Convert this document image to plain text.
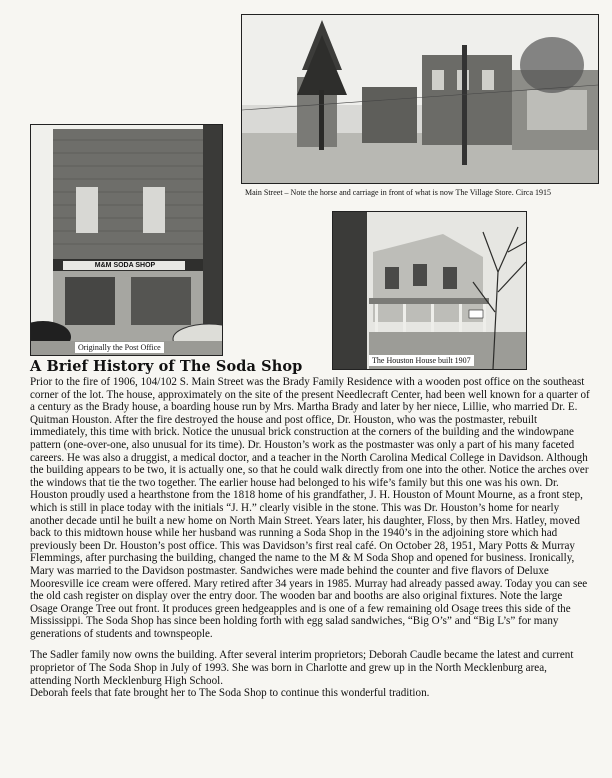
Main Street – Note the horse and carriage in front of what is now The Village Store. Circa 1915
M&M SODA SHOP
Originally the Post Office
The Houston House built 1907
A Brief History of The Soda Shop

Prior to the fire of 1906, 104/102 S. Main Street was the Brady Family Residence with a wooden post office on the southeast corner of the lot. The house, approximately on the site of the present Needlecraft Center, had been well known for a quarter of a century as the Brady house, a boarding house run by Mrs. Martha Brady and later by her niece, Lillie, who married Dr. E. Quitman Houston. After the fire destroyed the house and post office, Dr. Houston, who was the postmaster, rebuilt immediately, this time with brick. Notice the unusual brick construction at the corners of the building and the windowpane pattern (one-over-one, also unusual for its time). Dr. Houston’s work as the postmaster was only a part of his many faceted careers. He was also a druggist, a medical doctor, and a teacher in the North Carolina Medical College in Davidson. Although the building appears to be two, it is actually one, so that he could walk directly from one into the other. Notice the arches over the windows that tie the two together. The earlier house had belonged to his wife’s family but this one was his own. Dr. Houston proudly used a hearthstone from the 1818 home of his grandfather, J. H. Houston of Mount Mourne, as a front step, which is still in place today with the initials “J. H.” clearly visible in the stone. This was Dr. Houston’s home for nearly another decade until he built a new home on North Main Street. Years later, his daughter, Floss, by then Mrs. Hatley, moved back to this midtown house while her husband was running a Soda Shop in the 1940’s in the adjoining store which had previously been Dr. Houston’s post office. This was Davidson’s first real café. On October 28, 1951, Mary Potts & Murray Flemmings, after purchasing the building, changed the name to the M & M Soda Shop and opened for business. Ironically, Mary was married to the Davidson postmaster. Sandwiches were made behind the counter and five flavors of Deluxe Mooresville ice cream were offered. Mary retired after 34 years in 1985. Murray had already passed away. Today you can see the old cash register on display over the entry door. The wooden bar and booths are also original fixtures. Note the large Osage Orange Tree out front. It produces green hedgeapples and is one of a few remaining old Osage trees this side of the Mississippi. The Soda Shop has since been holding forth with egg salad sandwiches, “Big O’s” and “Big L’s” for many generations of students and townspeople.

The Sadler family now owns the building. After several interim proprietors; Deborah Caudle became the latest and current proprietor of The Soda Shop in July of 1993. She was born in Charlotte and grew up in the North Mecklenburg area, attending North Mecklenburg High School.

Deborah feels that fate brought her to The Soda Shop to continue this wonderful tradition.
